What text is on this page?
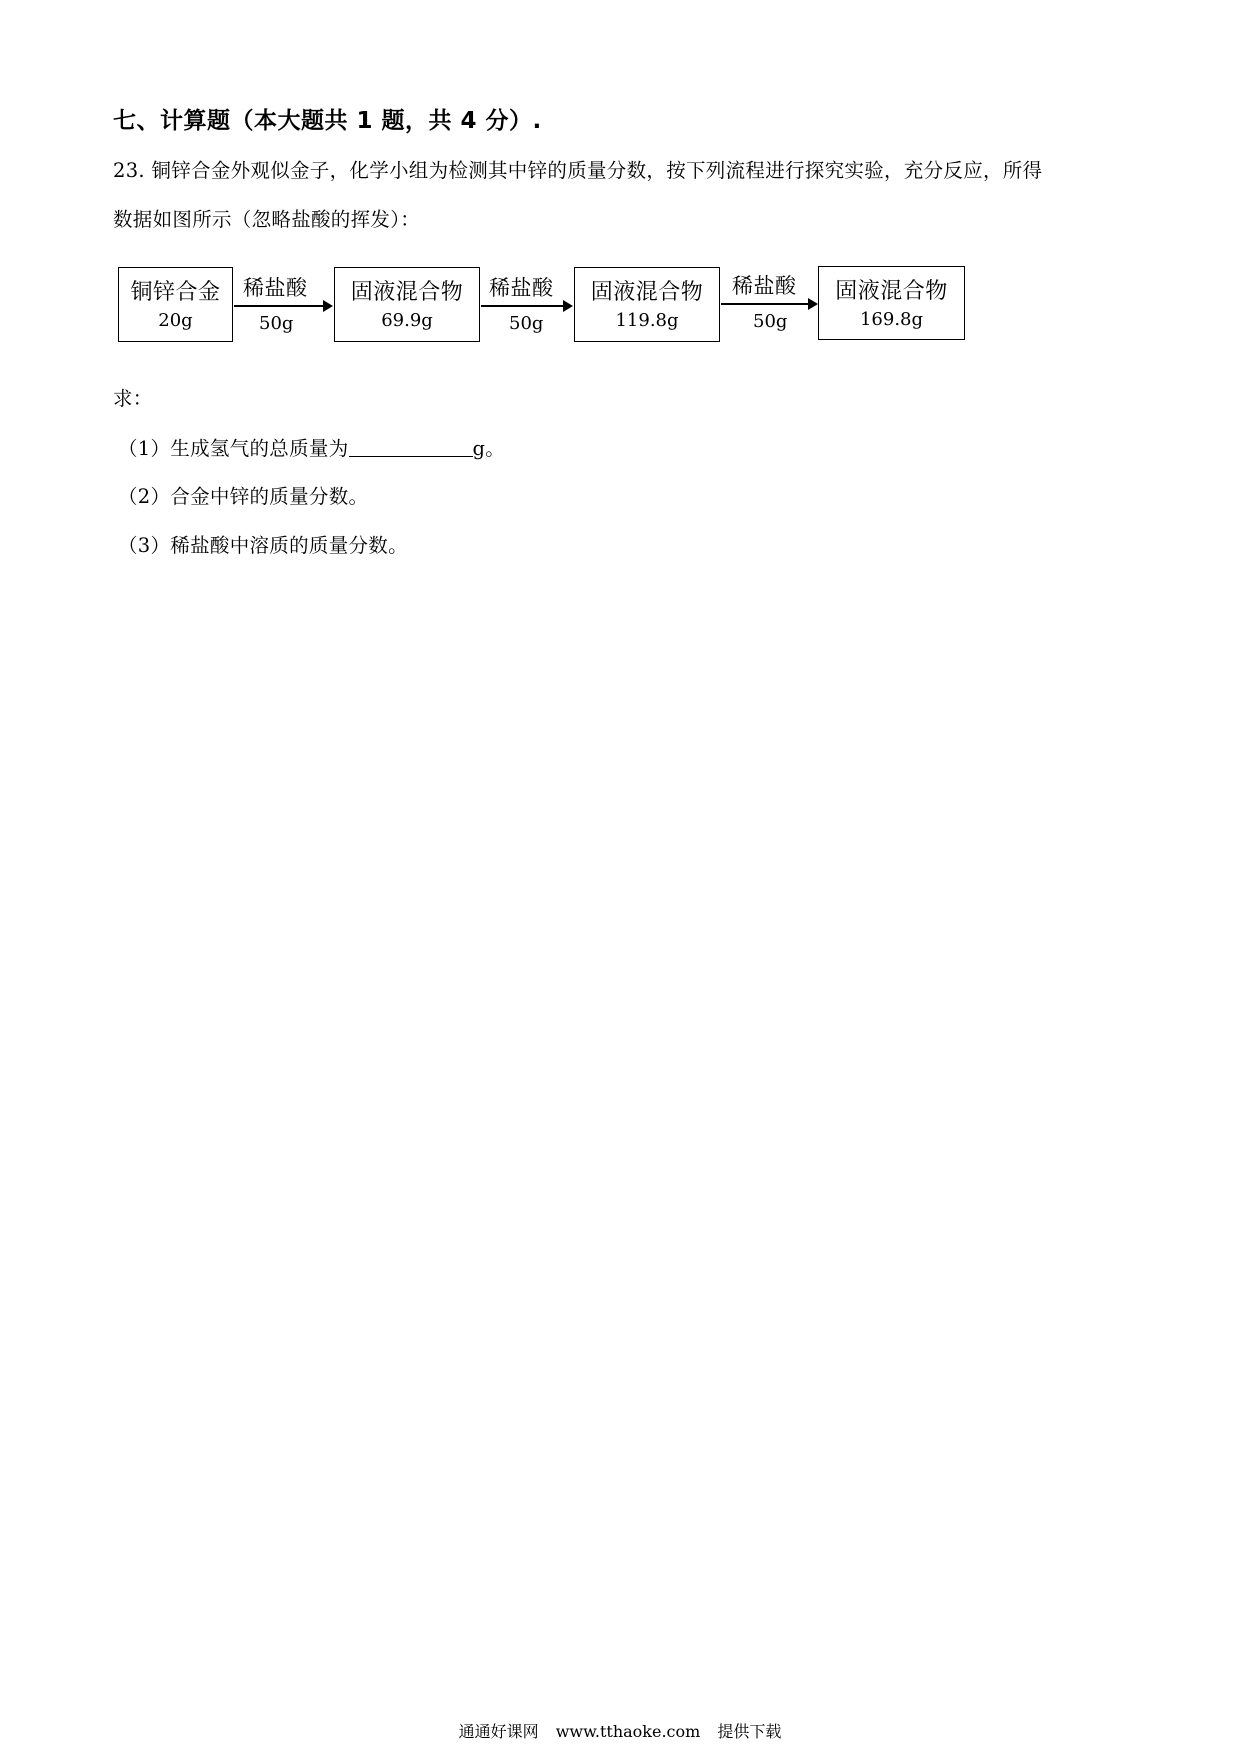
七、计算题（本大题共 1 题，共 4 分）.
23. 铜锌合金外观似金子，化学小组为检测其中锌的质量分数，按下列流程进行探究实验，充分反应，所得
数据如图所示（忽略盐酸的挥发）：
铜锌合金
20g
稀盐酸
50g
固液混合物
69.9g
稀盐酸
50g
固液混合物
119.8g
稀盐酸
50g
固液混合物
169.8g
求：
（1）生成氢气的总质量为	g。
（2）合金中锌的质量分数。
（3）稀盐酸中溶质的质量分数。
通通好课网 www.tthaoke.com 提供下载
